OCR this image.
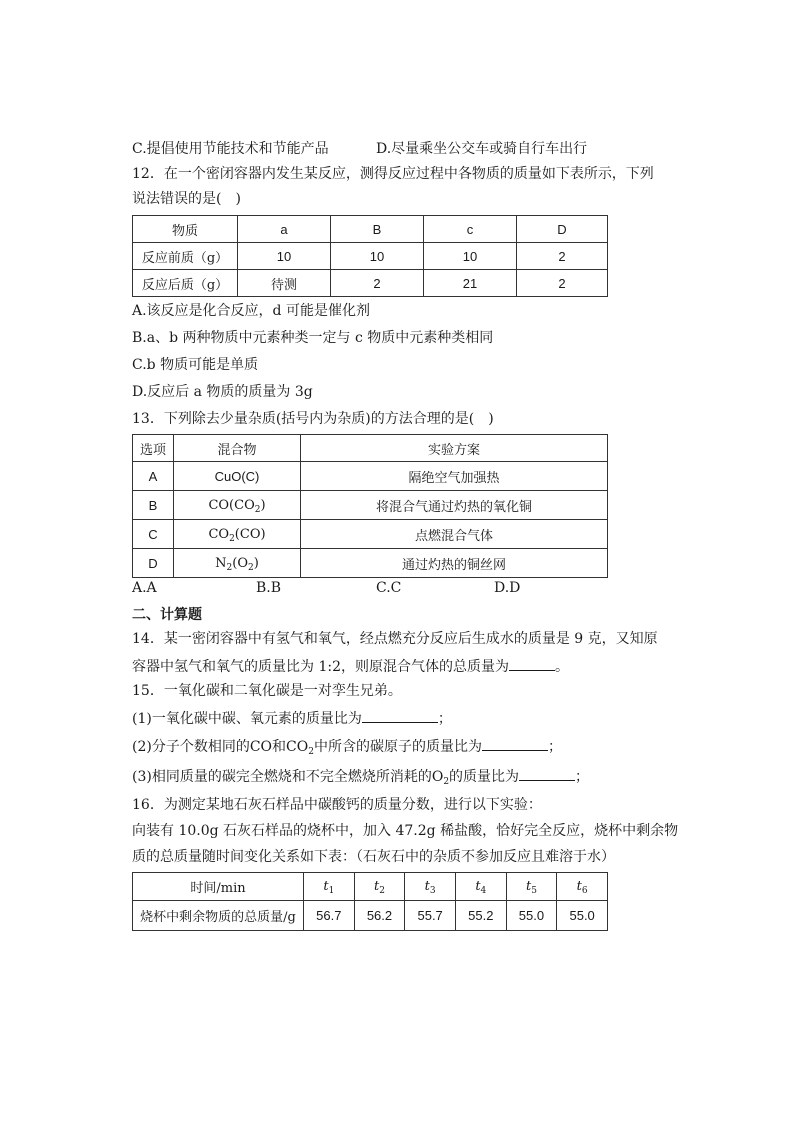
C.提倡使用节能技术和节能产品	D.尽量乘坐公交车或骑自行车出行
12．在一个密闭容器内发生某反应，测得反应过程中各物质的质量如下表所示，下列
说法错误的是(　)
物质	a	B	c	D
反应前质（g）	10	10	10	2
反应后质（g）	待测	2	21	2
A.该反应是化合反应，d 可能是催化剂
B.a、b 两种物质中元素种类一定与 c 物质中元素种类相同
C.b 物质可能是单质
D.反应后 a 物质的质量为 3g
13．下列除去少量杂质(括号内为杂质)的方法合理的是(　)
选项	混合物	实验方案
A	CuO(C)	隔绝空气加强热
B	$CO(CO_2)$	将混合气通过灼热的氧化铜
C	$CO_2(CO)$	点燃混合气体
D	$N_2(O_2)$	通过灼热的铜丝网
A.A	B.B	C.C	D.D
二、计算题
14．某一密闭容器中有氢气和氧气，经点燃充分反应后生成水的质量是 9 克，又知原
容器中氢气和氧气的质量比为 1:2，则原混合气体的总质量为	。
15．一氧化碳和二氧化碳是一对孪生兄弟。
(1)一氧化碳中碳、氧元素的质量比为	；
(2)分子个数相同的CO和$CO_2$中所含的碳原子的质量比为	；
(3)相同质量的碳完全燃烧和不完全燃烧所消耗的$O_2$的质量比为	；
16．为测定某地石灰石样品中碳酸钙的质量分数，进行以下实验：
向装有 10.0g 石灰石样品的烧杯中，加入 47.2g 稀盐酸，恰好完全反应，烧杯中剩余物
质的总质量随时间变化关系如下表：（石灰石中的杂质不参加反应且难溶于水）
时间/min	$t_1$	$t_2$	$t_3$	$t_4$	$t_5$	$t_6$
烧杯中剩余物质的总质量/g	56.7	56.2	55.7	55.2	55.0	55.0
